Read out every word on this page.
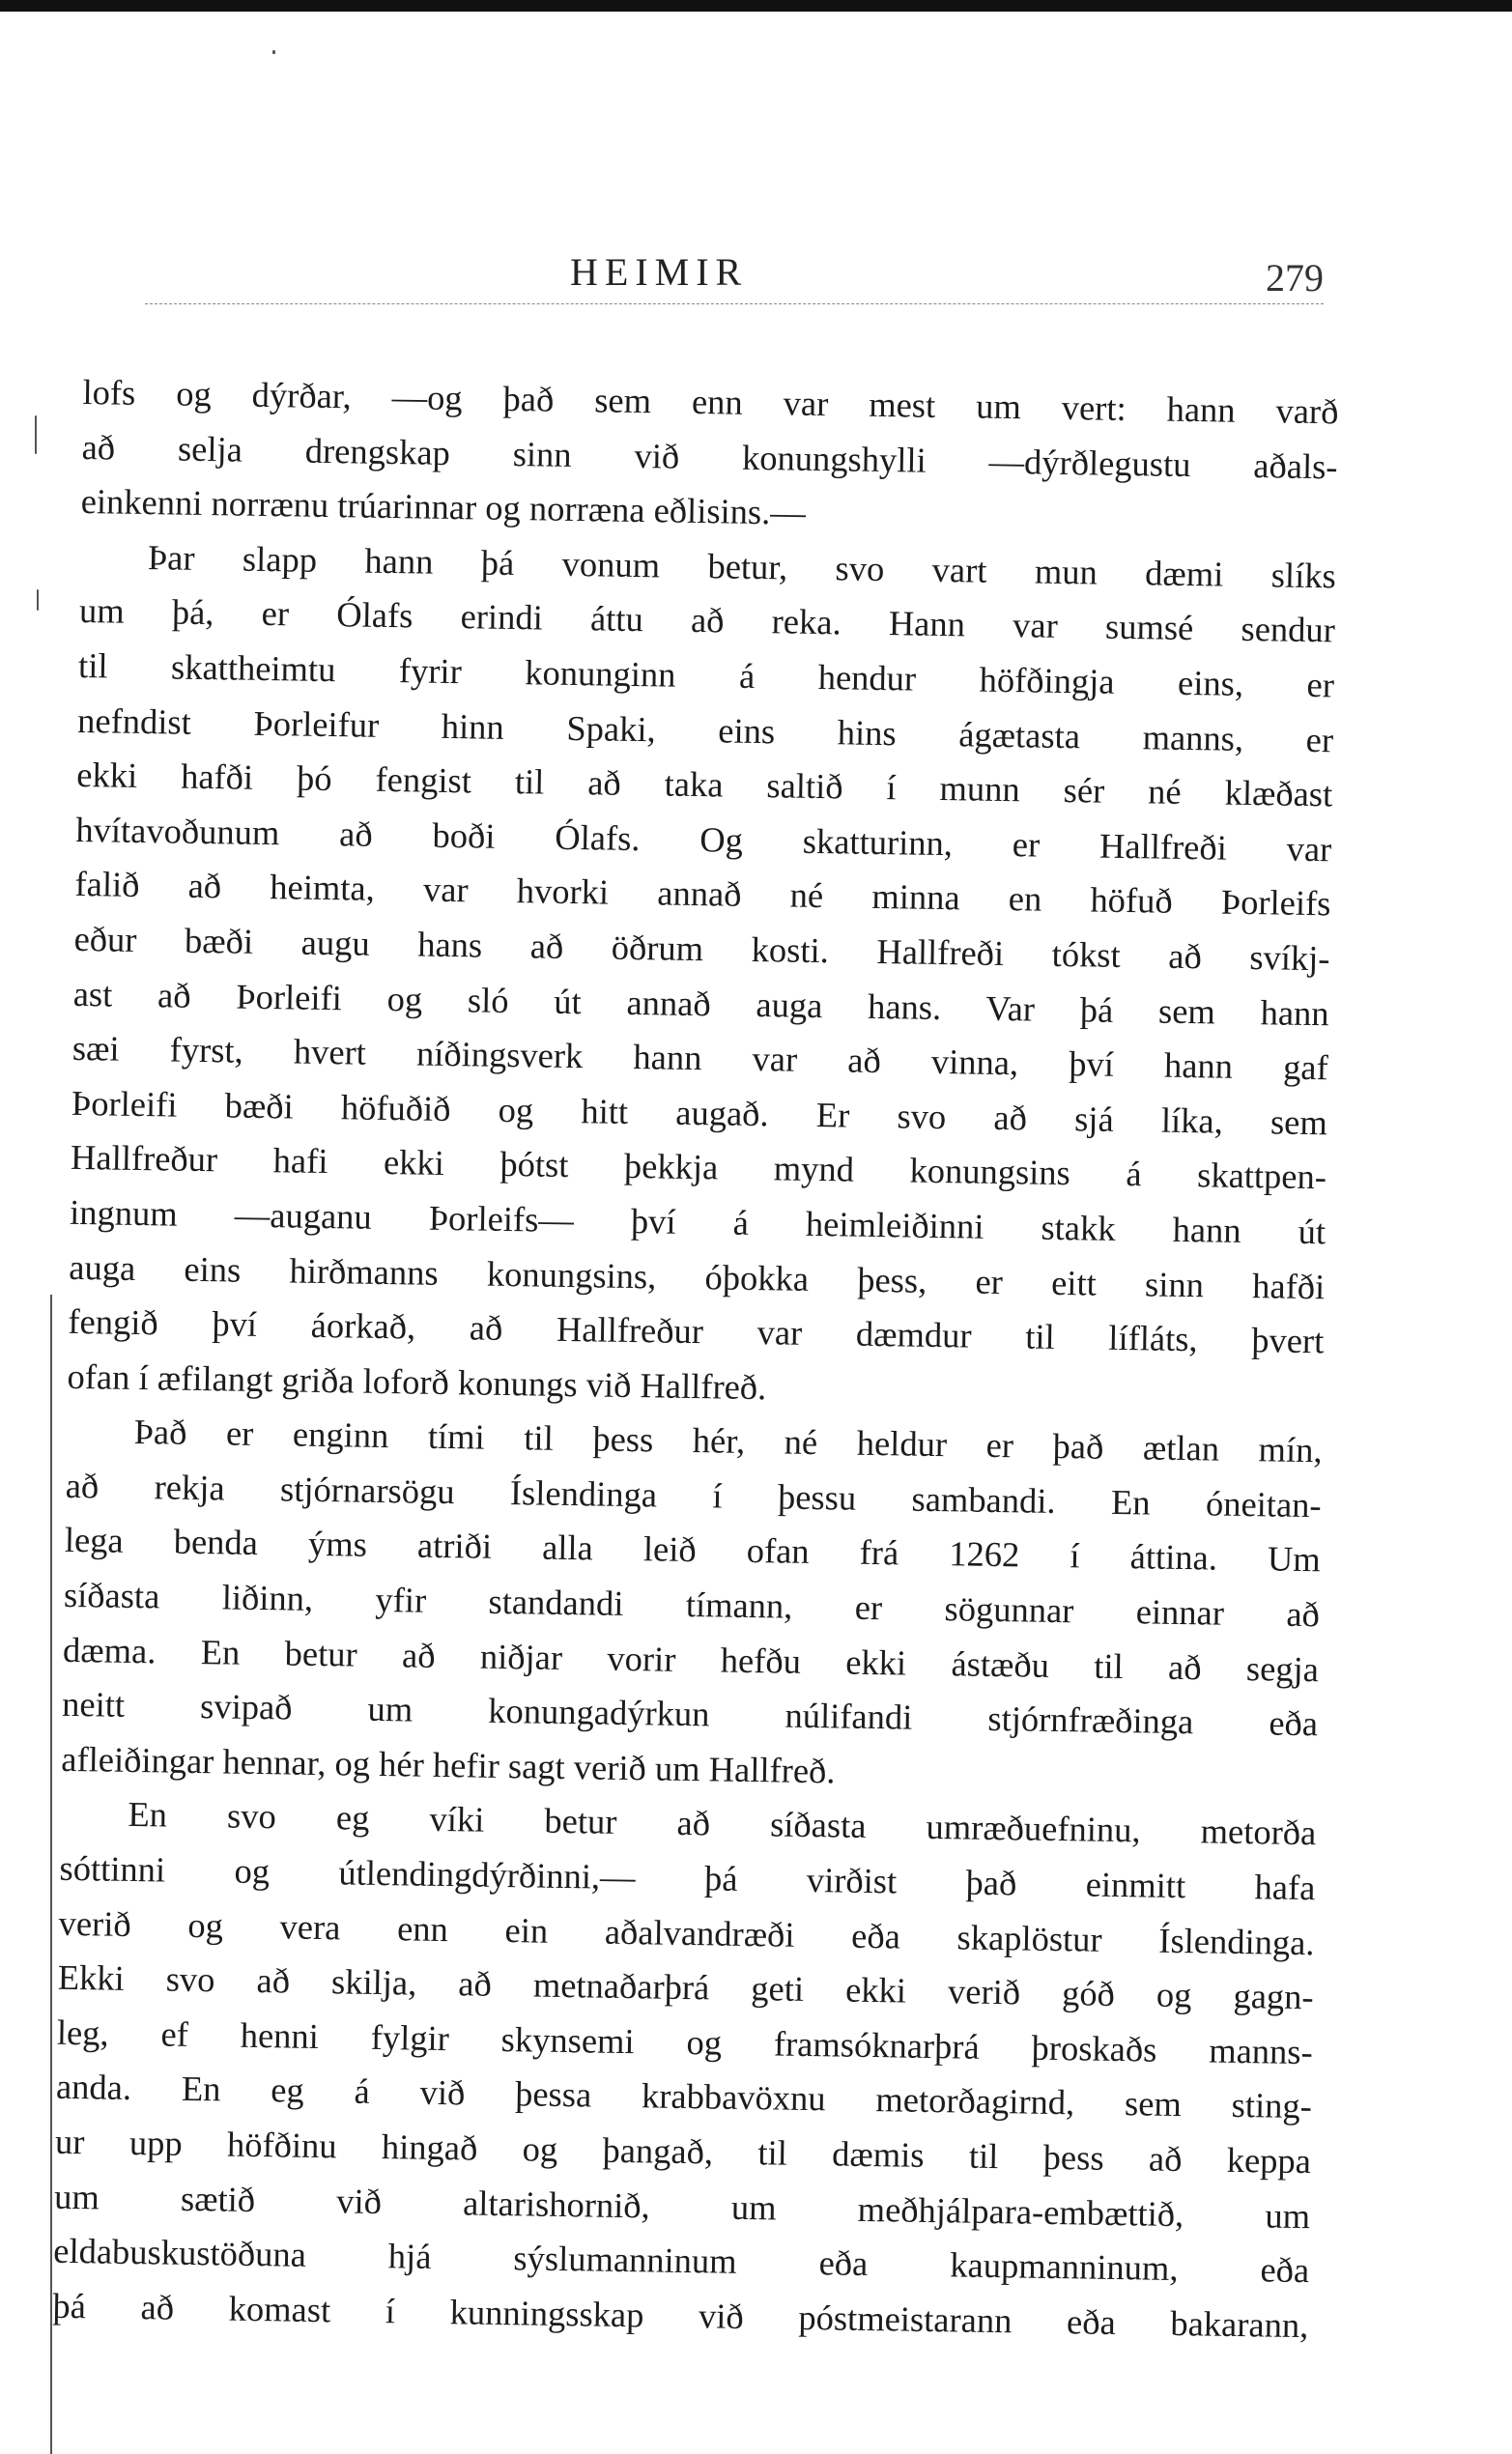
HEIMIR	279
lofs og dýrðar, —og það sem enn var mest um vert: hann varð
að selja drengskap sinn við konungshylli —dýrðlegustu aðals-
einkenni norrænu trúarinnar og norræna eðlisins.—
Þar slapp hann þá vonum betur, svo vart mun dæmi slíks
um þá, er Ólafs erindi áttu að reka. Hann var sumsé sendur
til skattheimtu fyrir konunginn á hendur höfðingja eins, er
nefndist Þorleifur hinn Spaki, eins hins ágætasta manns, er
ekki hafði þó fengist til að taka saltið í munn sér né klæðast
hvítavoðunum að boði Ólafs. Og skatturinn, er Hallfreði var
falið að heimta, var hvorki annað né minna en höfuð Þorleifs
eður bæði augu hans að öðrum kosti. Hallfreði tókst að svíkj-
ast að Þorleifi og sló út annað auga hans. Var þá sem hann
sæi fyrst, hvert níðingsverk hann var að vinna, því hann gaf
Þorleifi bæði höfuðið og hitt augað. Er svo að sjá líka, sem
Hallfreður hafi ekki þótst þekkja mynd konungsins á skattpen-
ingnum —auganu Þorleifs— því á heimleiðinni stakk hann út
auga eins hirðmanns konungsins, óþokka þess, er eitt sinn hafði
fengið því áorkað, að Hallfreður var dæmdur til lífláts, þvert
ofan í æfilangt griða loforð konungs við Hallfreð.
Það er enginn tími til þess hér, né heldur er það ætlan mín,
að rekja stjórnarsögu Íslendinga í þessu sambandi. En óneitan-
lega benda ýms atriði alla leið ofan frá 1262 í áttina. Um
síðasta liðinn, yfir standandi tímann, er sögunnar einnar að
dæma. En betur að niðjar vorir hefðu ekki ástæðu til að segja
neitt svipað um konungadýrkun núlifandi stjórnfræðinga eða
afleiðingar hennar, og hér hefir sagt verið um Hallfreð.
En svo eg víki betur að síðasta umræðuefninu, metorða
sóttinni og útlendingdýrðinni,— þá virðist það einmitt hafa
verið og vera enn ein aðalvandræði eða skaplöstur Íslendinga.
Ekki svo að skilja, að metnaðarþrá geti ekki verið góð og gagn-
leg, ef henni fylgir skynsemi og framsóknarþrá þroskaðs manns-
anda. En eg á við þessa krabbavöxnu metorðagirnd, sem sting-
ur upp höfðinu hingað og þangað, til dæmis til þess að keppa
um sætið við altarishornið, um meðhjálpara-embættið, um
eldabuskustöðuna hjá sýslumanninum eða kaupmanninum, eða
þá að komast í kunningsskap við póstmeistarann eða bakarann,
